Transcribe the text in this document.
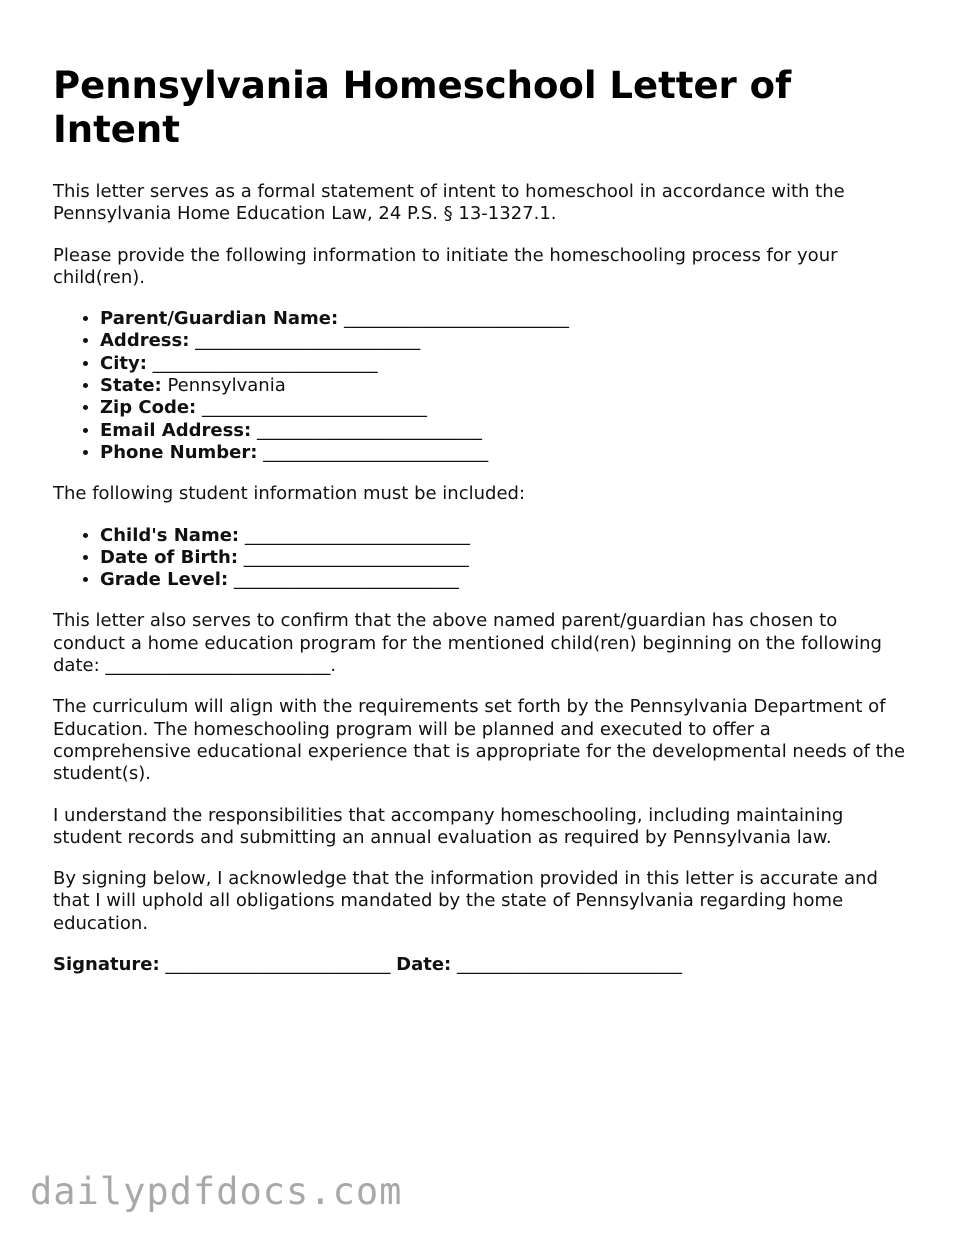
Pennsylvania Homeschool Letter of Intent

This letter serves as a formal statement of intent to homeschool in accordance with the Pennsylvania Home Education Law, 24 P.S. § 13-1327.1.

Please provide the following information to initiate the homeschooling process for your child(ren).

• Parent/Guardian Name: _________________________
• Address: _________________________
• City: _________________________
• State: Pennsylvania
• Zip Code: _________________________
• Email Address: _________________________
• Phone Number: _________________________

The following student information must be included:

• Child's Name: _________________________
• Date of Birth: _________________________
• Grade Level: _________________________

This letter also serves to confirm that the above named parent/guardian has chosen to conduct a home education program for the mentioned child(ren) beginning on the following date: _________________________.

The curriculum will align with the requirements set forth by the Pennsylvania Department of Education. The homeschooling program will be planned and executed to offer a comprehensive educational experience that is appropriate for the developmental needs of the student(s).

I understand the responsibilities that accompany homeschooling, including maintaining student records and submitting an annual evaluation as required by Pennsylvania law.

By signing below, I acknowledge that the information provided in this letter is accurate and that I will uphold all obligations mandated by the state of Pennsylvania regarding home education.

Signature: _________________________ Date: _________________________
dailypdfdocs.com
